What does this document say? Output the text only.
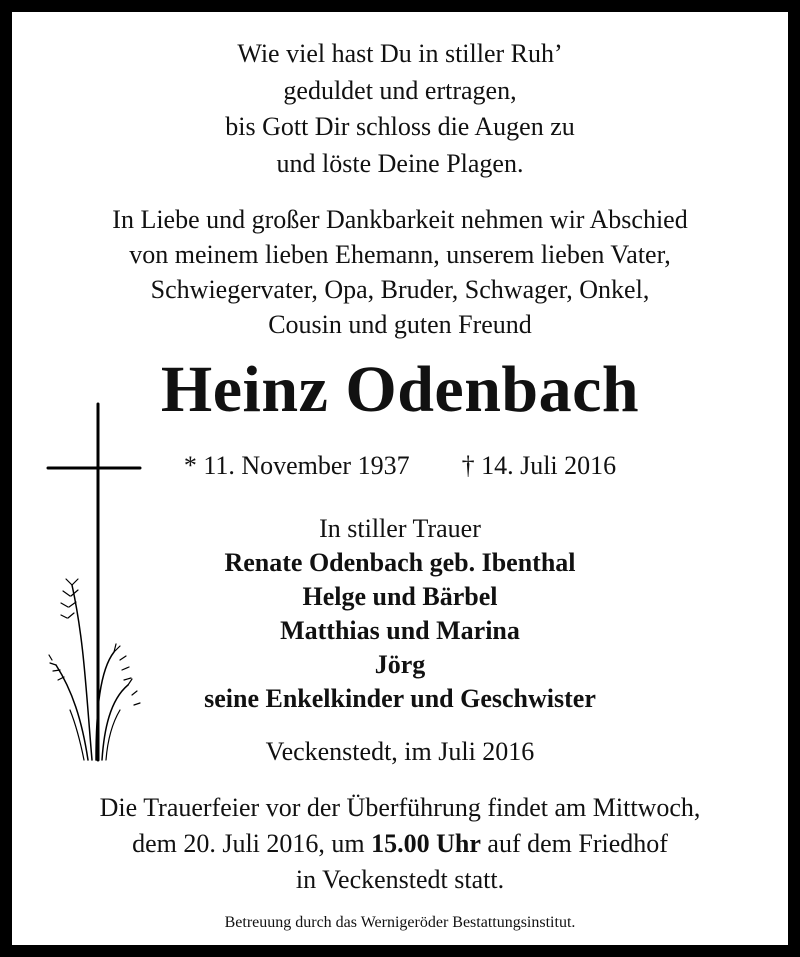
Wie viel hast Du in stiller Ruh’
geduldet und ertragen,
bis Gott Dir schloss die Augen zu
und löste Deine Plagen.
In Liebe und großer Dankbarkeit nehmen wir Abschied
von meinem lieben Ehemann, unserem lieben Vater,
Schwiegervater, Opa, Bruder, Schwager, Onkel,
Cousin und guten Freund
Heinz Odenbach
* 11. November 1937 † 14. Juli 2016
In stiller Trauer
Renate Odenbach geb. Ibenthal
Helge und Bärbel
Matthias und Marina
Jörg
seine Enkelkinder und Geschwister
Veckenstedt, im Juli 2016
Die Trauerfeier vor der Überführung findet am Mittwoch,
dem 20. Juli 2016, um 15.00 Uhr auf dem Friedhof
in Veckenstedt statt.
Betreuung durch das Wernigeröder Bestattungsinstitut.
